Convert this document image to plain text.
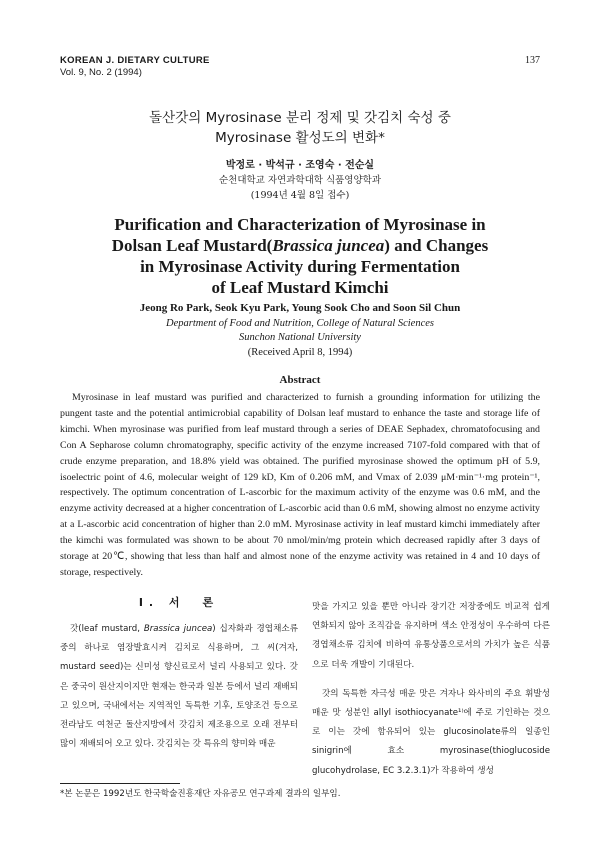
KOREAN J. DIETARY CULTURE
Vol. 9, No. 2 (1994)
137
돌산갓의 Myrosinase 분리 정제 및 갓김치 숙성 중
Myrosinase 활성도의 변화*
박정로 · 박석규 · 조영숙 · 전순실
순천대학교 자연과학대학 식품영양학과
(1994년 4월 8일 접수)
Purification and Characterization of Myrosinase in
Dolsan Leaf Mustard(Brassica juncea) and Changes
in Myrosinase Activity during Fermentation
of Leaf Mustard Kimchi
Jeong Ro Park, Seok Kyu Park, Young Sook Cho and Soon Sil Chun
Department of Food and Nutrition, College of Natural Sciences
Sunchon National University
(Received April 8, 1994)
Abstract

Myrosinase in leaf mustard was purified and characterized to furnish a grounding information for utilizing the pungent taste and the potential antimicrobial capability of Dolsan leaf mustard to enhance the taste and storage life of kimchi. When myrosinase was purified from leaf mustard through a series of DEAE Sephadex, chromatofocusing and Con A Sepharose column chromatography, specific activity of the enzyme increased 7107-fold compared with that of crude enzyme preparation, and 18.8% yield was obtained. The purified myrosinase showed the optimum pH of 5.9, isoelectric point of 4.6, molecular weight of 129 kD, Km of 0.206 mM, and Vmax of 2.039 μM·min⁻¹·mg protein⁻¹, respectively. The optimum concentration of L-ascorbic for the maximum activity of the enzyme was 0.6 mM, and the enzyme activity decreased at a higher concentration of L-ascorbic acid than 0.6 mM, showing almost no enzyme activity at a L-ascorbic acid concentration of higher than 2.0 mM. Myrosinase activity in leaf mustard kimchi immediately after the kimchi was formulated was shown to be about 70 nmol/min/mg protein which decreased rapidly after 3 days of storage at 20℃, showing that less than half and almost none of the enzyme activity was retained in 4 and 10 days of storage, respectively.

I. 서　론

갓(leaf mustard, Brassica juncea) 십자화과 경엽채소류 중의 하나로 염장발효시켜 김치로 식용하며, 그 씨(겨자, mustard seed)는 신미성 향신료로서 널리 사용되고 있다. 갓은 중국이 원산지이지만 현재는 한국과 일본 등에서 널리 재배되고 있으며, 국내에서는 지역적인 독특한 기후, 토양조건 등으로 전라남도 여천군 돌산지방에서 갓김치 제조용으로 오래 전부터 많이 재배되어 오고 있다. 갓김치는 갓 특유의 향미와 매운

맛을 가지고 있을 뿐만 아니라 장기간 저장중에도 비교적 쉽게 연화되지 않아 조직감을 유지하며 색소 안정성이 우수하여 다른 경엽채소류 김치에 비하여 유통상품으로서의 가치가 높은 식품으로 더욱 개발이 기대된다.

갓의 독특한 자극성 매운 맛은 겨자나 와사비의 주요 휘발성 매운 맛 성분인 allyl isothiocyanate¹⁾에 주로 기인하는 것으로 이는 갓에 함유되어 있는 glucosinolate류의 일종인 sinigrin에 효소 myrosinase(thioglucoside glucohydrolase, EC 3.2.3.1)가 작용하여 생성

*본 논문은 1992년도 한국학술진흥재단 자유공모 연구과제 결과의 일부임.
